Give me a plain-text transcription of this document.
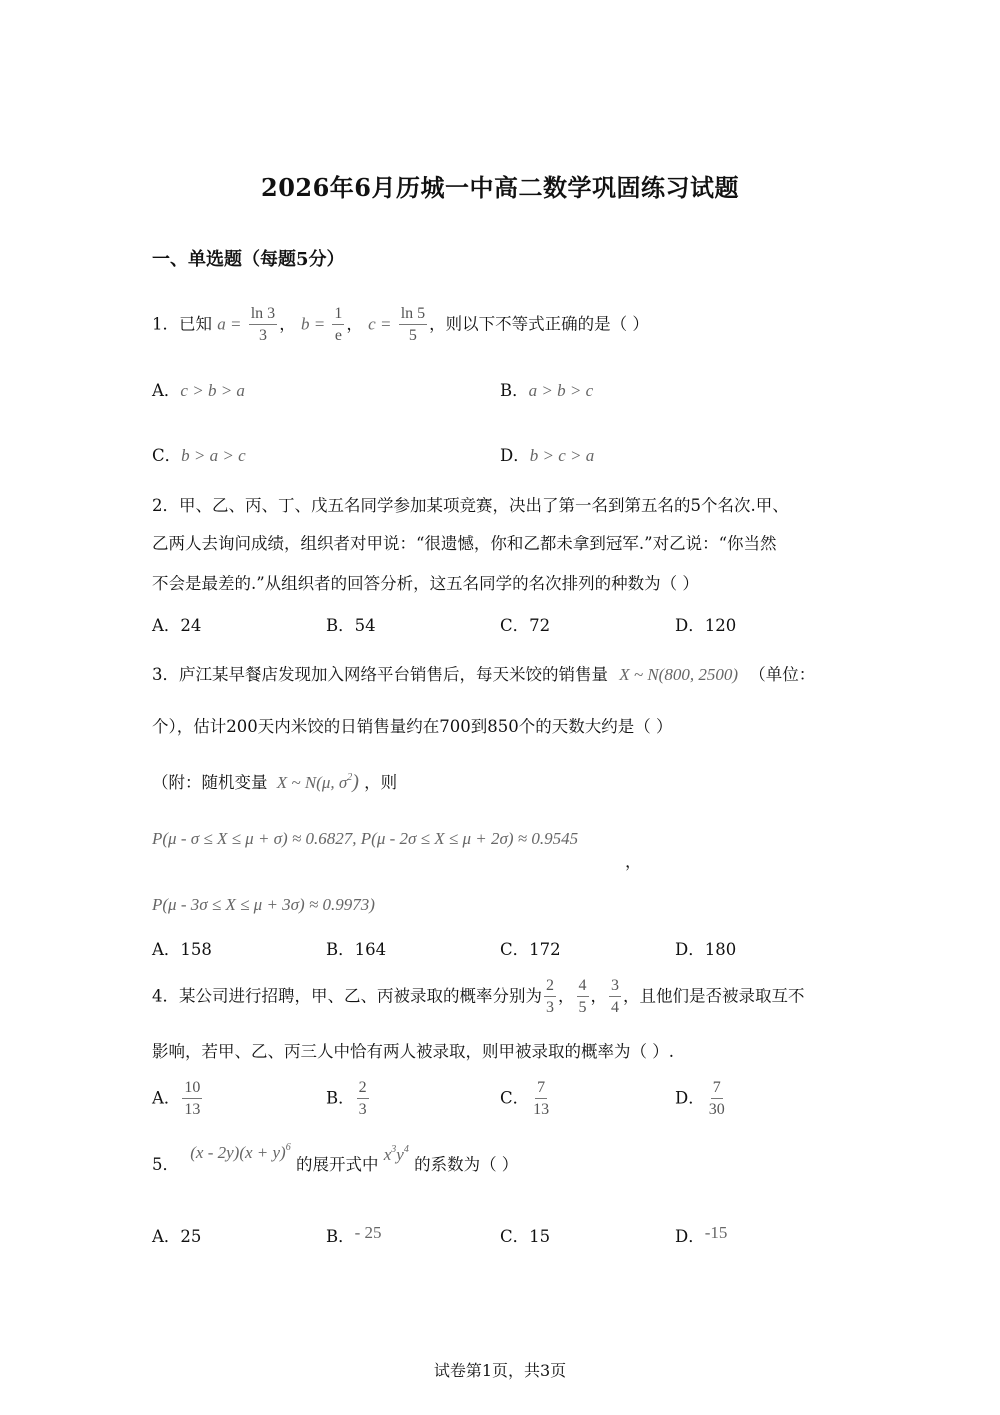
2026年6月历城一中高二数学巩固练习试题
一、单选题（每题5分）
1．已知 $a = \frac{\ln 3}{3}$ ， $b = \frac{1}{e}$ ， $c = \frac{\ln 5}{5}$ ，则以下不等式正确的是（ ）
A．c > b > a	B．a > b > c
C．b > a > c	D．b > c > a
2．甲、乙、丙、丁、戊五名同学参加某项竞赛，决出了第一名到第五名的5个名次.甲、
乙两人去询问成绩，组织者对甲说：“很遗憾，你和乙都未拿到冠军.”对乙说：“你当然
不会是最差的.”从组织者的回答分析，这五名同学的名次排列的种数为（ ）
A．24	B．54	C．72	D．120
3．庐江某早餐店发现加入网络平台销售后，每天米饺的销售量 X ~ N(800, 2500) （单位：
个），估计200天内米饺的日销售量约在700到850个的天数大约是（ ）
（附：随机变量 X ~ N(μ, $\sigma^2$) ，则
P(μ - σ ≤ X ≤ μ + σ) ≈ 0.6827, P(μ - 2σ ≤ X ≤ μ + 2σ) ≈ 0.9545
，
P(μ - 3σ ≤ X ≤ μ + 3σ) ≈ 0.9973)
A．158	B．164	C．172	D．180
4．某公司进行招聘，甲、乙、丙被录取的概率分别为 $\frac{2}{3}$ ， $\frac{4}{5}$ ， $\frac{3}{4}$ ，且他们是否被录取互不
影响，若甲、乙、丙三人中恰有两人被录取，则甲被录取的概率为（ ）.
A． $\frac{10}{13}$	B． $\frac{2}{3}$	C． $\frac{7}{13}$	D． $\frac{7}{30}$
5． $(x - 2y)(x + y)^6$ 的展开式中 $x^3y^4$ 的系数为（ ）
A．25	B．- 25	C．15	D．-15
试卷第1页，共3页
